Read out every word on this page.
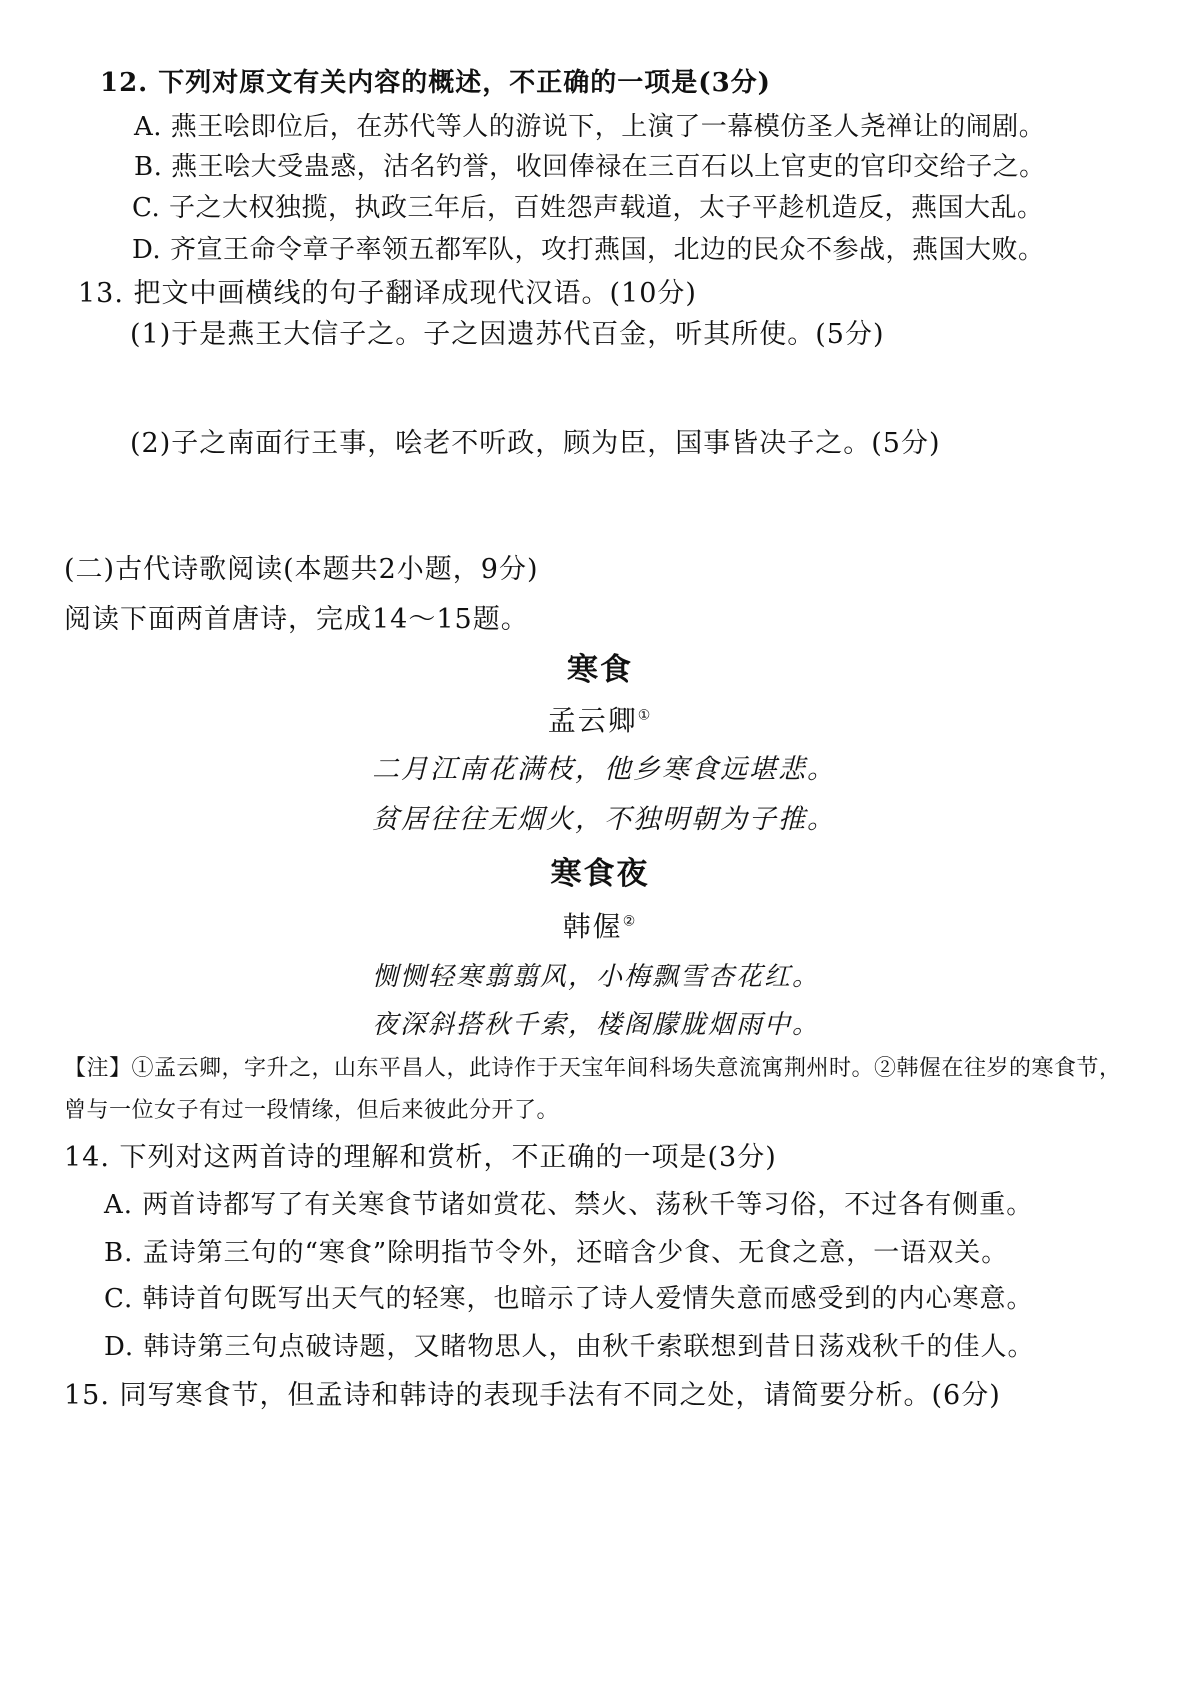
12. 下列对原文有关内容的概述，不正确的一项是(3分)
A. 燕王哙即位后，在苏代等人的游说下，上演了一幕模仿圣人尧禅让的闹剧。
B. 燕王哙大受蛊惑，沽名钓誉，收回俸禄在三百石以上官吏的官印交给子之。
C. 子之大权独揽，执政三年后，百姓怨声载道，太子平趁机造反，燕国大乱。
D. 齐宣王命令章子率领五都军队，攻打燕国，北边的民众不参战，燕国大败。
13. 把文中画横线的句子翻译成现代汉语。(10分)
(1)于是燕王大信子之。子之因遗苏代百金，听其所使。(5分)
(2)子之南面行王事，哙老不听政，顾为臣，国事皆决子之。(5分)
(二)古代诗歌阅读(本题共2小题，9分)
阅读下面两首唐诗，完成14～15题。
寒食
孟云卿①
二月江南花满枝，他乡寒食远堪悲。
贫居往往无烟火，不独明朝为子推。
寒食夜
韩偓②
恻恻轻寒翦翦风，小梅飘雪杏花红。
夜深斜搭秋千索，楼阁朦胧烟雨中。
【注】①孟云卿，字升之，山东平昌人，此诗作于天宝年间科场失意流寓荆州时。②韩偓在往岁的寒食节，
曾与一位女子有过一段情缘，但后来彼此分开了。
14. 下列对这两首诗的理解和赏析，不正确的一项是(3分)
A. 两首诗都写了有关寒食节诸如赏花、禁火、荡秋千等习俗，不过各有侧重。
B. 孟诗第三句的“寒食”除明指节令外，还暗含少食、无食之意，一语双关。
C. 韩诗首句既写出天气的轻寒，也暗示了诗人爱情失意而感受到的内心寒意。
D. 韩诗第三句点破诗题，又睹物思人，由秋千索联想到昔日荡戏秋千的佳人。
15. 同写寒食节，但孟诗和韩诗的表现手法有不同之处，请简要分析。(6分)
